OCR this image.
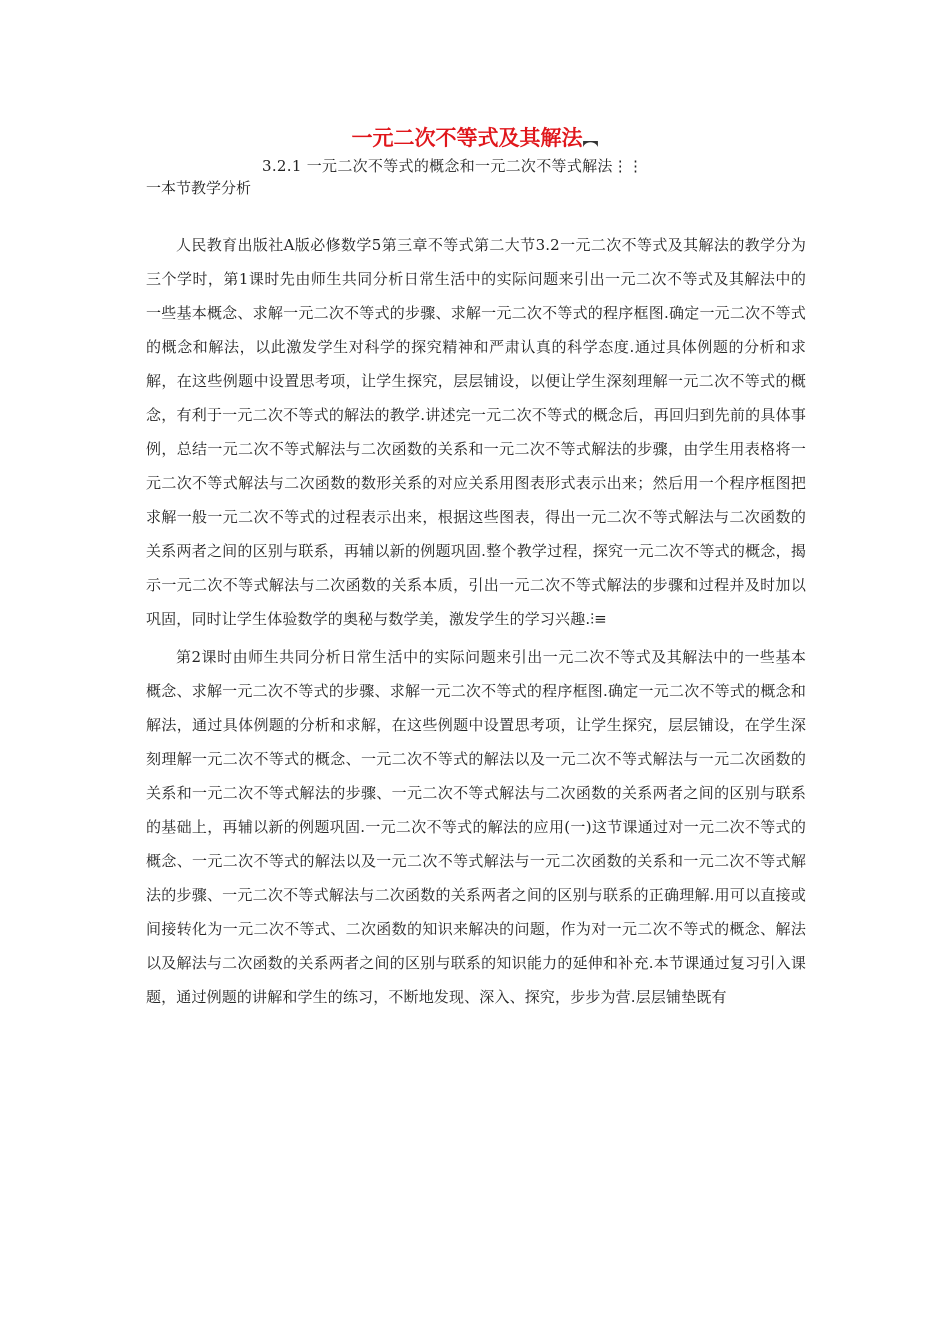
一元二次不等式及其解法︻
3.2.1 一元二次不等式的概念和一元二次不等式解法⋮⋮
一本节教学分析

人民教育出版社A版必修数学5第三章不等式第二大节3.2一元二次不等式及其解法的教学分为三个学时，第1课时先由师生共同分析日常生活中的实际问题来引出一元二次不等式及其解法中的一些基本概念、求解一元二次不等式的步骤、求解一元二次不等式的程序框图.确定一元二次不等式的概念和解法，以此激发学生对科学的探究精神和严肃认真的科学态度.通过具体例题的分析和求解，在这些例题中设置思考项，让学生探究，层层铺设，以便让学生深刻理解一元二次不等式的概念，有利于一元二次不等式的解法的教学.讲述完一元二次不等式的概念后，再回归到先前的具体事例，总结一元二次不等式解法与二次函数的关系和一元二次不等式解法的步骤，由学生用表格将一元二次不等式解法与二次函数的数形关系的对应关系用图表形式表示出来；然后用一个程序框图把求解一般一元二次不等式的过程表示出来，根据这些图表，得出一元二次不等式解法与二次函数的关系两者之间的区别与联系，再辅以新的例题巩固.整个教学过程，探究一元二次不等式的概念，揭示一元二次不等式解法与二次函数的关系本质，引出一元二次不等式解法的步骤和过程并及时加以巩固，同时让学生体验数学的奥秘与数学美，激发学生的学习兴趣.⫶≡

第2课时由师生共同分析日常生活中的实际问题来引出一元二次不等式及其解法中的一些基本概念、求解一元二次不等式的步骤、求解一元二次不等式的程序框图.确定一元二次不等式的概念和解法，通过具体例题的分析和求解，在这些例题中设置思考项，让学生探究，层层铺设，在学生深刻理解一元二次不等式的概念、一元二次不等式的解法以及一元二次不等式解法与一元二次函数的关系和一元二次不等式解法的步骤、一元二次不等式解法与二次函数的关系两者之间的区别与联系的基础上，再辅以新的例题巩固.一元二次不等式的解法的应用(一)这节课通过对一元二次不等式的概念、一元二次不等式的解法以及一元二次不等式解法与一元二次函数的关系和一元二次不等式解法的步骤、一元二次不等式解法与二次函数的关系两者之间的区别与联系的正确理解.用可以直接或间接转化为一元二次不等式、二次函数的知识来解决的问题，作为对一元二次不等式的概念、解法以及解法与二次函数的关系两者之间的区别与联系的知识能力的延伸和补充.本节课通过复习引入课题，通过例题的讲解和学生的练习，不断地发现、深入、探究，步步为营.层层铺垫既有
